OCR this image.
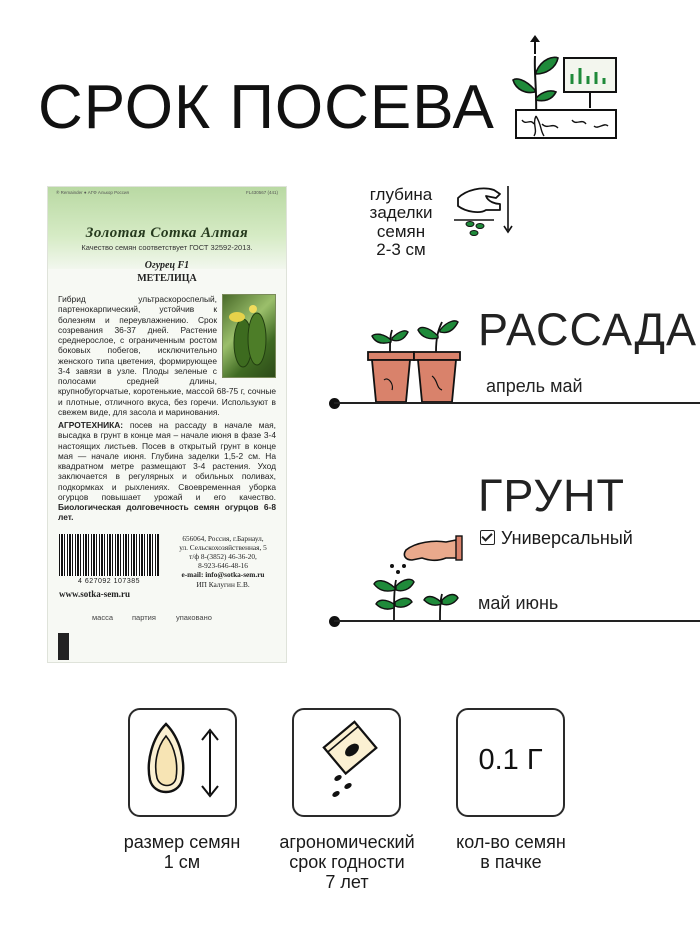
СРОК ПОСЕВА
® Remainder ● АГФ Алькор Россия	FL430567 (441)
Золотая Сотка Алтая
Качество семян соответствует ГОСТ 32592-2013.
Огурец F1
МЕТЕЛИЦА
Гибрид ультраскороспелый, партенокарпический, устойчив к болезням и переувлажнению. Срок созревания 36-37 дней. Растение среднерослое, с ограниченным ростом боковых побегов, исключительно женского типа цветения, формирующее 3-4 завязи в узле. Плоды зеленые с полосами средней длины, крупнобугорчатые, коротенькие, массой 68-75 г, сочные и плотные, отличного вкуса, без горечи. Используют в свежем виде, для засола и маринования.
АГРОТЕХНИКА: посев на рассаду в начале мая, высадка в грунт в конце мая – начале июня в фазе 3-4 настоящих листьев. Посев в открытый грунт в конце мая — начале июня. Глубина заделки 1,5-2 см. На квадратном метре размещают 3-4 растения. Уход заключается в регулярных и обильных поливах, подкормках и рыхлениях. Своевременная уборка огурцов повышает урожай и его качество. Биологическая долговечность семян огурцов 6-8 лет.
4 627092 107385
www.sotka-sem.ru
656064, Россия, г.Барнаул,
ул. Сельскохозяйственная, 5
т/ф 8-(3852) 46-36-20,
8-923-646-48-16
e-mail: info@sotka-sem.ru
ИП Калугин Е.В.
масса	партия	упаковано
глубина
заделки
семян
2-3 см
РАССАДА
апрель май
ГРУНТ
Универсальный
май июнь
0.1 Г
размер семян
1 см
агрономический
срок годности
7 лет
кол-во семян
в пачке
